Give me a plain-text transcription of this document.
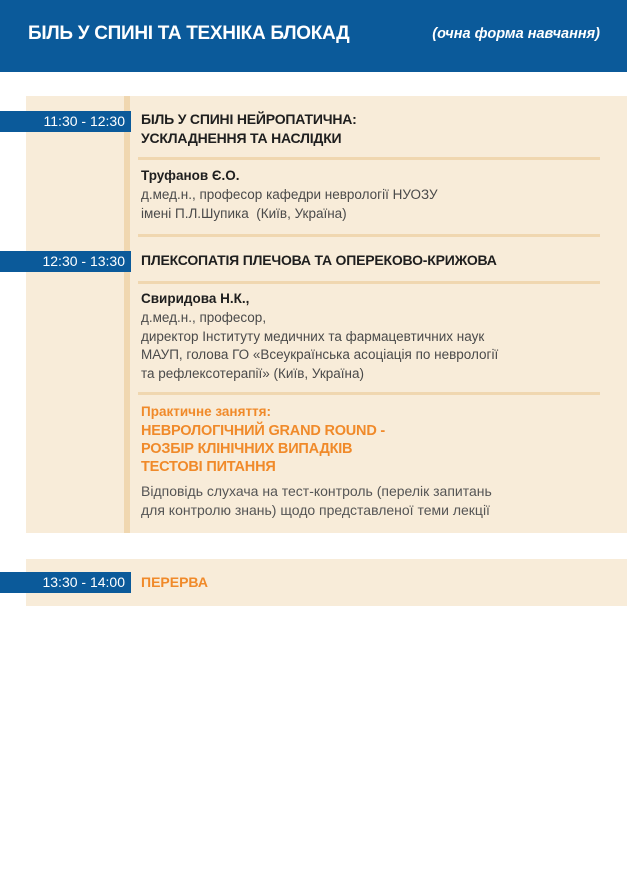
БІЛЬ У СПИНІ ТА ТЕХНІКА БЛОКАД	(очна форма навчання)
11:30 - 12:30	БІЛЬ У СПИНІ НЕЙРОПАТИЧНА:
УСКЛАДНЕННЯ ТА НАСЛІДКИ
Труфанов Є.О.
д.мед.н., професор кафедри неврології НУОЗУ
імені П.Л.Шупика  (Київ, Україна)
12:30 - 13:30	ПЛЕКСОПАТІЯ ПЛЕЧОВА ТА ОПЕРЕКОВО-КРИЖОВА
Свиридова Н.К.,
д.мед.н., професор,
директор Інституту медичних та фармацевтичних наук
МАУП, голова ГО «Всеукраїнська асоціація по неврології
та рефлексотерапії» (Київ, Україна)
Практичне заняття:
НЕВРОЛОГІЧНИЙ GRAND ROUND -
РОЗБІР КЛІНІЧНИХ ВИПАДКІВ
ТЕСТОВІ ПИТАННЯ
Відповідь слухача на тест-контроль (перелік запитань
для контролю знань) щодо представленої теми лекції
13:30 - 14:00	ПЕРЕРВА
